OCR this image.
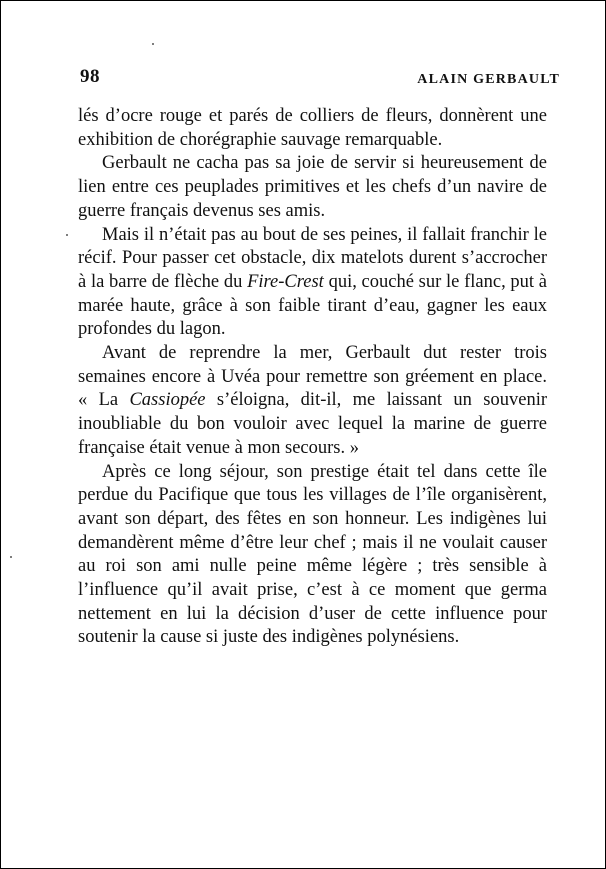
98	ALAIN GERBAULT

lés d’ocre rouge et parés de colliers de fleurs, donnèrent une exhibition de chorégraphie sauvage remarquable.

Gerbault ne cacha pas sa joie de servir si heureusement de lien entre ces peuplades primitives et les chefs d’un navire de guerre français devenus ses amis.

Mais il n’était pas au bout de ses peines, il fallait franchir le récif. Pour passer cet obstacle, dix matelots durent s’accrocher à la barre de flèche du Fire-Crest qui, couché sur le flanc, put à marée haute, grâce à son faible tirant d’eau, gagner les eaux profondes du lagon.

Avant de reprendre la mer, Gerbault dut rester trois semaines encore à Uvéa pour remettre son gréement en place. « La Cassiopée s’éloigna, dit-il, me laissant un souvenir inoubliable du bon vouloir avec lequel la marine de guerre française était venue à mon secours. »

Après ce long séjour, son prestige était tel dans cette île perdue du Pacifique que tous les villages de l’île organisèrent, avant son départ, des fêtes en son honneur. Les indigènes lui demandèrent même d’être leur chef ; mais il ne voulait causer au roi son ami nulle peine même légère ; très sensible à l’influence qu’il avait prise, c’est à ce moment que germa nettement en lui la décision d’user de cette influence pour soutenir la cause si juste des indigènes polynésiens.
